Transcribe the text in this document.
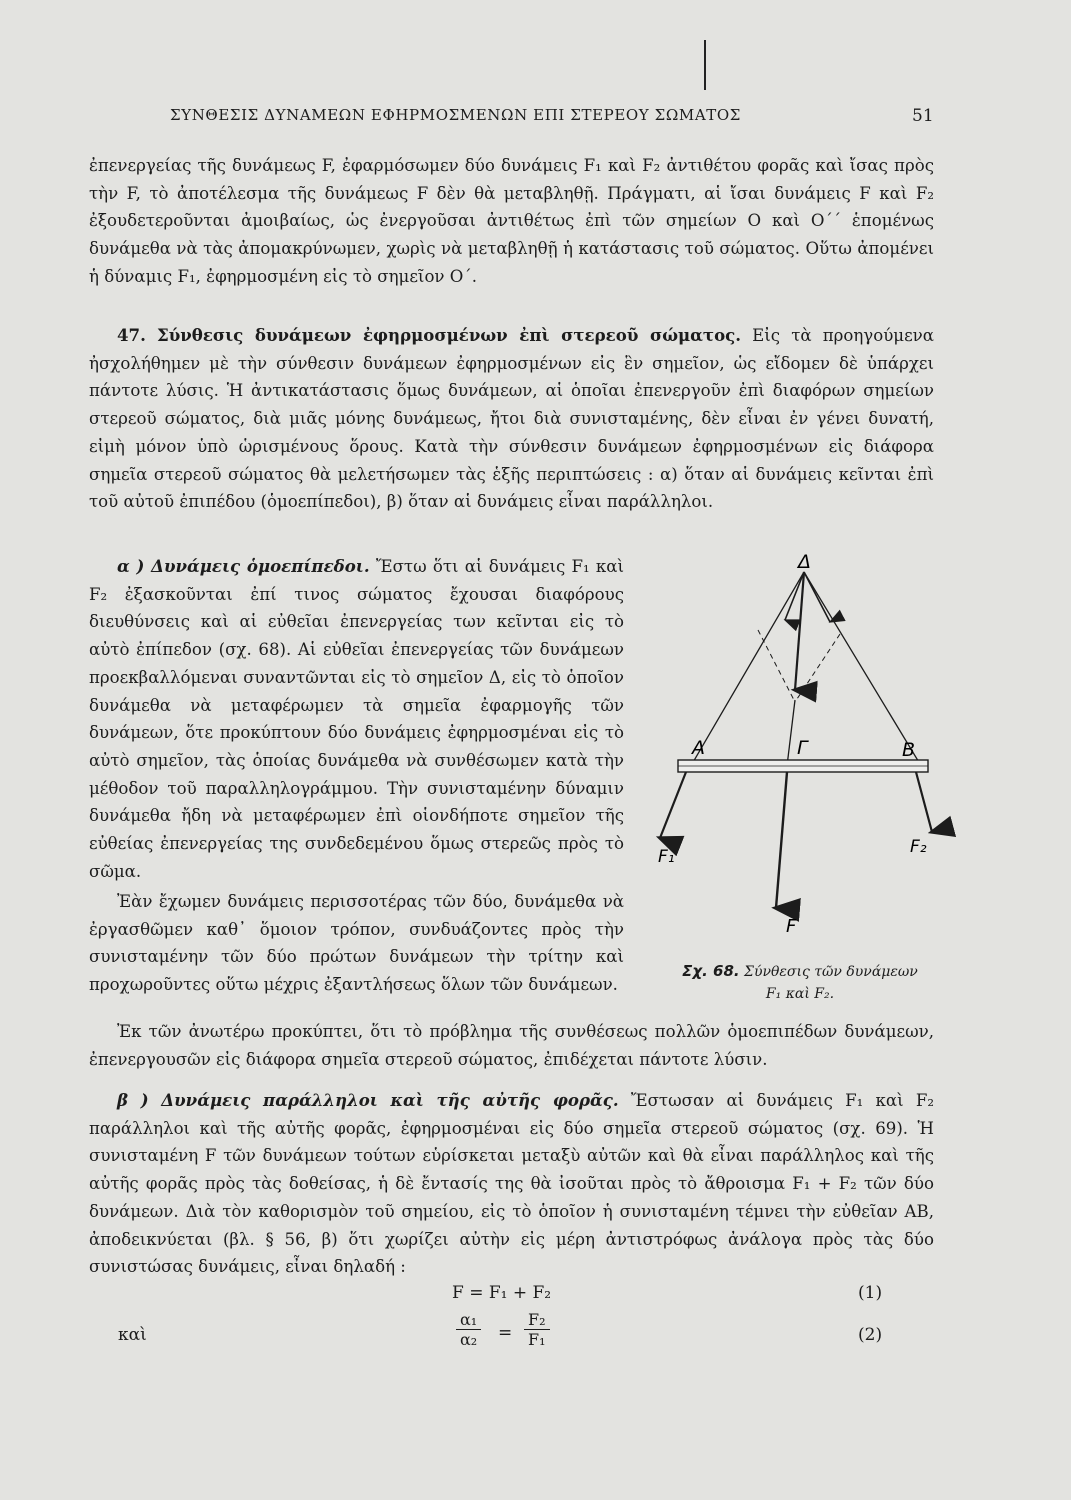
ΣΥΝΘΕΣΙΣ ΔΥΝΑΜΕΩΝ ΕΦΗΡΜΟΣΜΕΝΩΝ ΕΠΙ ΣΤΕΡΕΟΥ ΣΩΜΑΤΟΣ	51
ἐπενεργείας τῆς δυνάμεως F, ἐφαρμόσωμεν δύο δυνάμεις F₁ καὶ F₂ ἀντιθέτου φορᾶς καὶ ἴσας πρὸς τὴν F, τὸ ἀποτέλεσμα τῆς δυνάμεως F δὲν θὰ μεταβληθῇ. Πράγματι, αἱ ἴσαι δυνάμεις F καὶ F₂ ἐξουδετεροῦνται ἀμοιβαίως, ὡς ἐνεργοῦσαι ἀντιθέτως ἐπὶ τῶν σημείων O καὶ O΄΄ ἑπομένως δυνάμεθα νὰ τὰς ἀπομακρύνωμεν, χωρὶς νὰ μεταβληθῇ ἡ κατάστασις τοῦ σώματος. Οὕτω ἀπομένει ἡ δύναμις F₁, ἐφηρμοσμένη εἰς τὸ σημεῖον O΄.
47. Σύνθεσις δυνάμεων ἐφηρμοσμένων ἐπὶ στερεοῦ σώματος. Εἰς τὰ προηγούμενα ἠσχολήθημεν μὲ τὴν σύνθεσιν δυνάμεων ἐφηρμοσμένων εἰς ἓν σημεῖον, ὡς εἴδομεν δὲ ὑπάρχει πάντοτε λύσις. Ἡ ἀντικατάστασις ὅμως δυνάμεων, αἱ ὁποῖαι ἐπενεργοῦν ἐπὶ διαφόρων σημείων στερεοῦ σώματος, διὰ μιᾶς μόνης δυνάμεως, ἤτοι διὰ συνισταμένης, δὲν εἶναι ἐν γένει δυνατή, εἰμὴ μόνον ὑπὸ ὡρισμένους ὅρους. Κατὰ τὴν σύνθεσιν δυνάμεων ἐφηρμοσμένων εἰς διάφορα σημεῖα στερεοῦ σώματος θὰ μελετήσωμεν τὰς ἑξῆς περιπτώσεις : α) ὅταν αἱ δυνάμεις κεῖνται ἐπὶ τοῦ αὐτοῦ ἐπιπέδου (ὁμοεπίπεδοι), β) ὅταν αἱ δυνάμεις εἶναι παράλληλοι.
α ) Δυνάμεις ὁμοεπίπεδοι. Ἔστω ὅτι αἱ δυνάμεις F₁ καὶ F₂ ἐξασκοῦνται ἐπί τινος σώματος ἔχουσαι διαφόρους διευθύνσεις καὶ αἱ εὐθεῖαι ἐπενεργείας των κεῖνται εἰς τὸ αὐτὸ ἐπίπεδον (σχ. 68). Αἱ εὐθεῖαι ἐπενεργείας τῶν δυνάμεων προεκβαλλόμεναι συναντῶνται εἰς τὸ σημεῖον Δ, εἰς τὸ ὁποῖον δυνάμεθα νὰ μεταφέρωμεν τὰ σημεῖα ἐφαρμογῆς τῶν δυνάμεων, ὅτε προκύπτουν δύο δυνάμεις ἐφηρμοσμέναι εἰς τὸ αὐτὸ σημεῖον, τὰς ὁποίας δυνάμεθα νὰ συνθέσωμεν κατὰ τὴν μέθοδον τοῦ παραλληλογράμμου. Τὴν συνισταμένην δύναμιν δυνάμεθα ἤδη νὰ μεταφέρωμεν ἐπὶ οἱονδήποτε σημεῖον τῆς εὐθείας ἐπενεργείας της συνδεδεμένου ὅμως στερεῶς πρὸς τὸ σῶμα.
Ἐὰν ἔχωμεν δυνάμεις περισσοτέρας τῶν δύο, δυνάμεθα νὰ ἐργασθῶμεν καθ᾿ ὅμοιον τρόπον, συνδυάζοντες πρὸς τὴν συνισταμένην τῶν δύο πρώτων δυνάμεων τὴν τρίτην καὶ προχωροῦντες οὕτω μέχρις ἐξαντλήσεως ὅλων τῶν δυνάμεων.
Ἐκ τῶν ἀνωτέρω προκύπτει, ὅτι τὸ πρόβλημα τῆς συνθέσεως πολλῶν ὁμοεπιπέδων δυνάμεων, ἐπενεργουσῶν εἰς διάφορα σημεῖα στερεοῦ σώματος, ἐπιδέχεται πάντοτε λύσιν.
β ) Δυνάμεις παράλληλοι καὶ τῆς αὐτῆς φορᾶς. Ἔστωσαν αἱ δυνάμεις F₁ καὶ F₂ παράλληλοι καὶ τῆς αὐτῆς φορᾶς, ἐφηρμοσμέναι εἰς δύο σημεῖα στερεοῦ σώματος (σχ. 69). Ἡ συνισταμένη F τῶν δυνάμεων τούτων εὑρίσκεται μεταξὺ αὐτῶν καὶ θὰ εἶναι παράλληλος καὶ τῆς αὐτῆς φορᾶς πρὸς τὰς δοθείσας, ἡ δὲ ἔντασίς της θὰ ἰσοῦται πρὸς τὸ ἄθροισμα F₁ + F₂ τῶν δύο δυνάμεων. Διὰ τὸν καθορισμὸν τοῦ σημείου, εἰς τὸ ὁποῖον ἡ συνισταμένη τέμνει τὴν εὐθεῖαν AB, ἀποδεικνύεται (βλ. § 56, β) ὅτι χωρίζει αὐτὴν εἰς μέρη ἀντιστρόφως ἀνάλογα πρὸς τὰς δύο συνιστώσας δυνάμεις, εἶναι δηλαδή :
F = F₁ + F₂	(1)
καὶ	$\frac{\text{α₁}}{\text{α₂}} = \frac{\text{F₂}}{\text{F₁}}$	(2)
Δ
A	Γ	B
F₁	F₂
F
Σχ. 68. Σύνθεσις τῶν δυνάμεων
F₁ καὶ F₂.
